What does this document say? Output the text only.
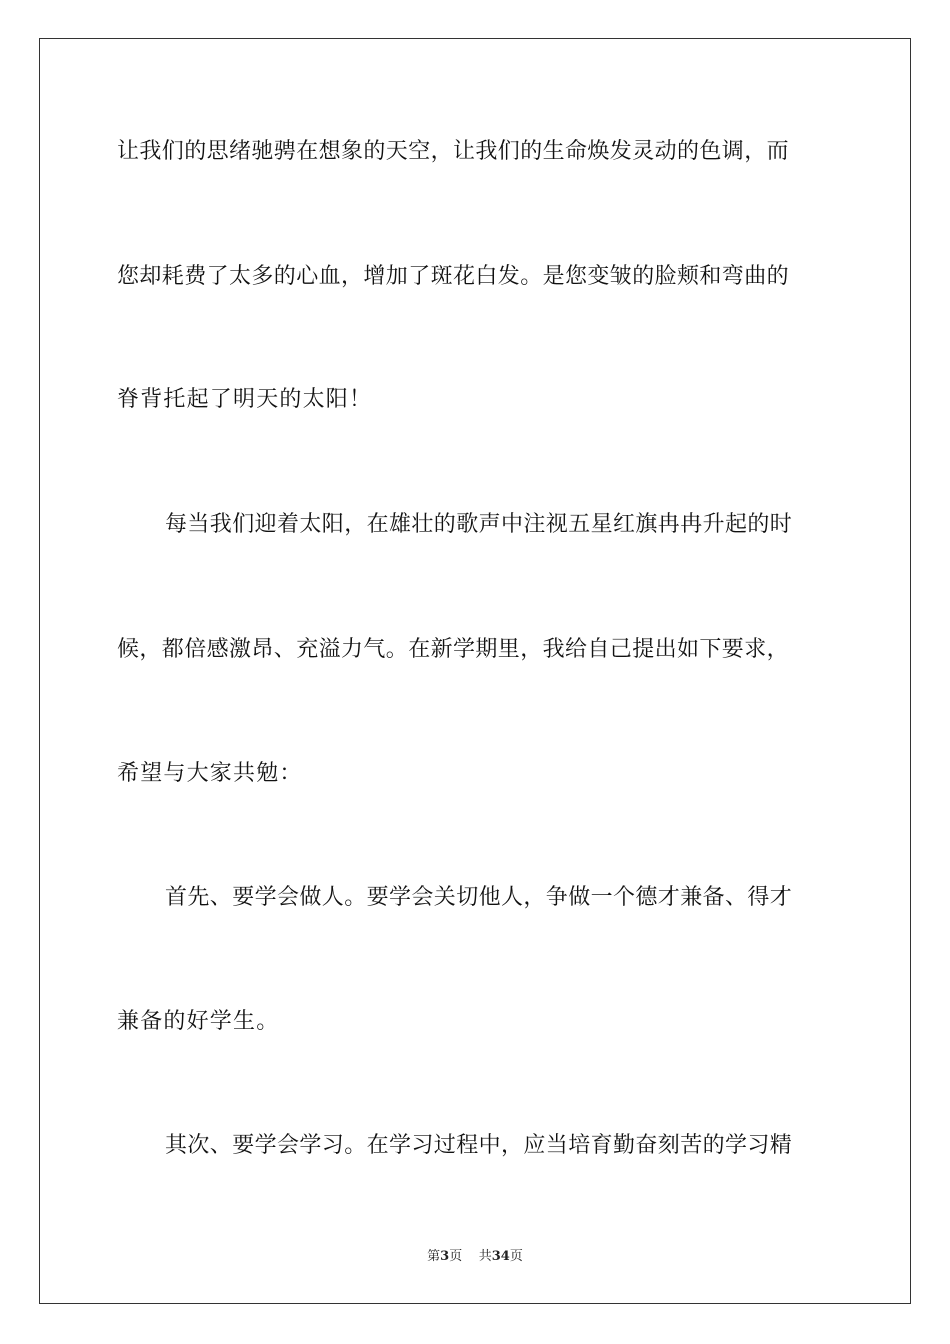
让我们的思绪驰骋在想象的天空，让我们的生命焕发灵动的色调，而
您却耗费了太多的心血，增加了斑花白发。是您变皱的脸颊和弯曲的
脊背托起了明天的太阳！
每当我们迎着太阳，在雄壮的歌声中注视五星红旗冉冉升起的时
候，都倍感激昂、充溢力气。在新学期里，我给自己提出如下要求，
希望与大家共勉：
首先、要学会做人。要学会关切他人，争做一个德才兼备、得才
兼备的好学生。
其次、要学会学习。在学习过程中，应当培育勤奋刻苦的学习精
第3页 共34页
